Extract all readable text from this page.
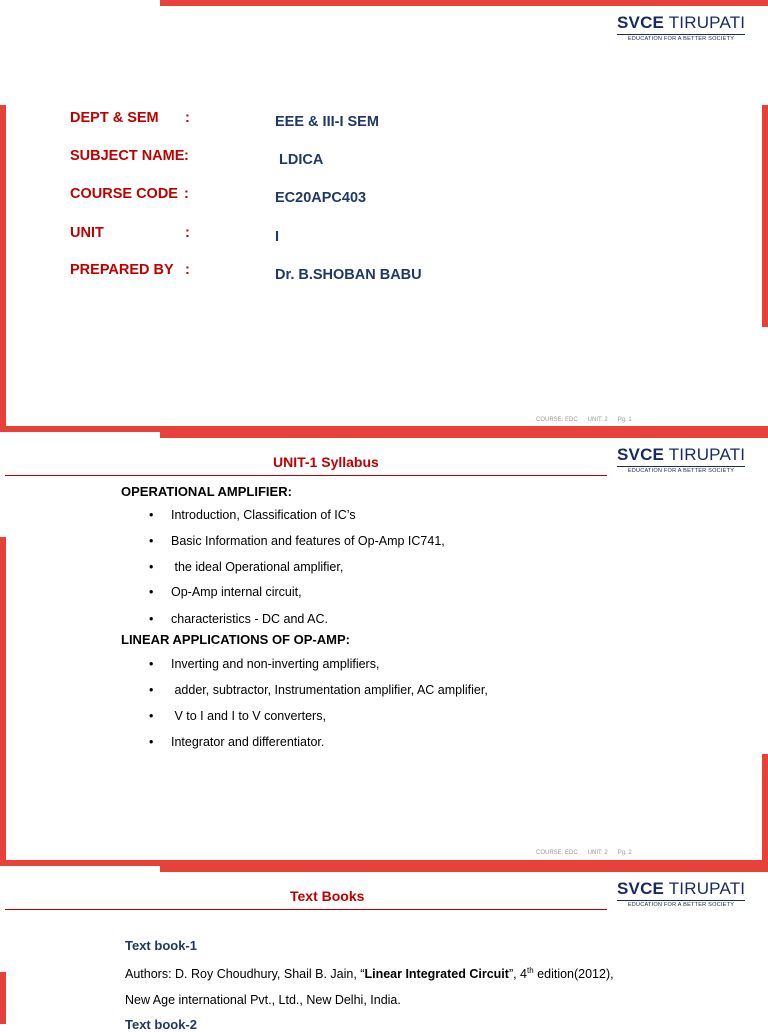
SVCE TIRUPATI
EDUCATION FOR A BETTER SOCIETY
DEPT & SEM :	EEE & III-I SEM
SUBJECT NAME :	LDICA
COURSE CODE :	EC20APC403
UNIT	:	I
PREPARED BY :	Dr. B.SHOBAN BABU
COURSE: EDC UNIT: 2 Pg. 1
UNIT-1 Syllabus	SVCE TIRUPATI
EDUCATION FOR A BETTER SOCIETY
OPERATIONAL AMPLIFIER:
• Introduction, Classification of IC’s
• Basic Information and features of Op-Amp IC741,
• the ideal Operational amplifier,
• Op-Amp internal circuit,
• characteristics - DC and AC.
LINEAR APPLICATIONS OF OP-AMP:
• Inverting and non-inverting amplifiers,
• adder, subtractor, Instrumentation amplifier, AC amplifier,
• V to I and I to V converters,
• Integrator and differentiator.
COURSE: EDC UNIT: 2 Pg. 2
Text Books	SVCE TIRUPATI
EDUCATION FOR A BETTER SOCIETY
Text book-1
Authors: D. Roy Choudhury, Shail B. Jain, “Linear Integrated Circuit”, 4th edition(2012),
New Age international Pvt., Ltd., New Delhi, India.
Text book-2
